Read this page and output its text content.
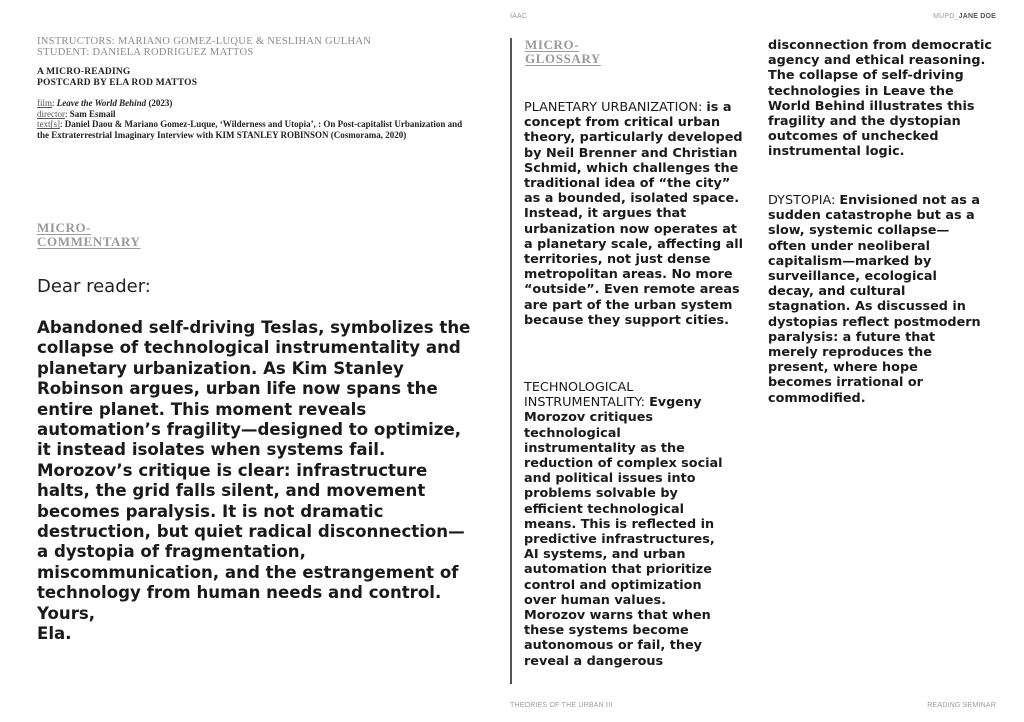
IAAC	MUPD_JANE DOE
INSTRUCTORS: MARIANO GOMEZ-LUQUE & NESLIHAN GULHAN
STUDENT: DANIELA RODRIGUEZ MATTOS
A MICRO-READING
POSTCARD BY ELA ROD MATTOS
film: Leave the World Behind (2023)
director: Sam Esmail
text[s]: Daniel Daou & Mariano Gomez-Luque, ‘Wilderness and Utopia’, : On Post-capitalist Urbanization and the Extraterrestrial Imaginary Interview with KIM STANLEY ROBINSON (Cosmorama, 2020)
MICRO-
COMMENTARY
Dear reader:

Abandoned self-driving Teslas, symbolizes the collapse of technological instrumentality and planetary urbanization. As Kim Stanley Robinson argues, urban life now spans the entire planet. This moment reveals automation’s fragility—designed to optimize, it instead isolates when systems fail. Morozov’s critique is clear: infrastructure halts, the grid falls silent, and movement becomes paralysis. It is not dramatic destruction, but quiet radical disconnection—a dystopia of fragmentation, miscommunication, and the estrangement of technology from human needs and control.

Yours,

Ela.

MICRO-
GLOSSARY
PLANETARY URBANIZATION: is a concept from critical urban theory, particularly developed by Neil Brenner and Christian Schmid, which challenges the traditional idea of “the city” as a bounded, isolated space. Instead, it argues that urbanization now operates at a planetary scale, affecting all territories, not just dense metropolitan areas. No more “outside”. Even remote areas are part of the urban system because they support cities.
TECHNOLOGICAL INSTRUMENTALITY: Evgeny Morozov critiques technological instrumentality as the reduction of complex social and political issues into problems solvable by efficient technological means. This is reflected in predictive infrastructures, AI systems, and urban automation that prioritize control and optimization over human values. Morozov warns that when these systems become autonomous or fail, they reveal a dangerous
disconnection from democratic agency and ethical reasoning. The collapse of self-driving technologies in Leave the World Behind illustrates this fragility and the dystopian outcomes of unchecked instrumental logic.
DYSTOPIA: Envisioned not as a sudden catastrophe but as a slow, systemic collapse—often under neoliberal capitalism—marked by surveillance, ecological decay, and cultural stagnation. As discussed in dystopias reflect postmodern paralysis: a future that merely reproduces the present, where hope becomes irrational or commodified.
THEORIES OF THE URBAN III	READING SEMINAR
